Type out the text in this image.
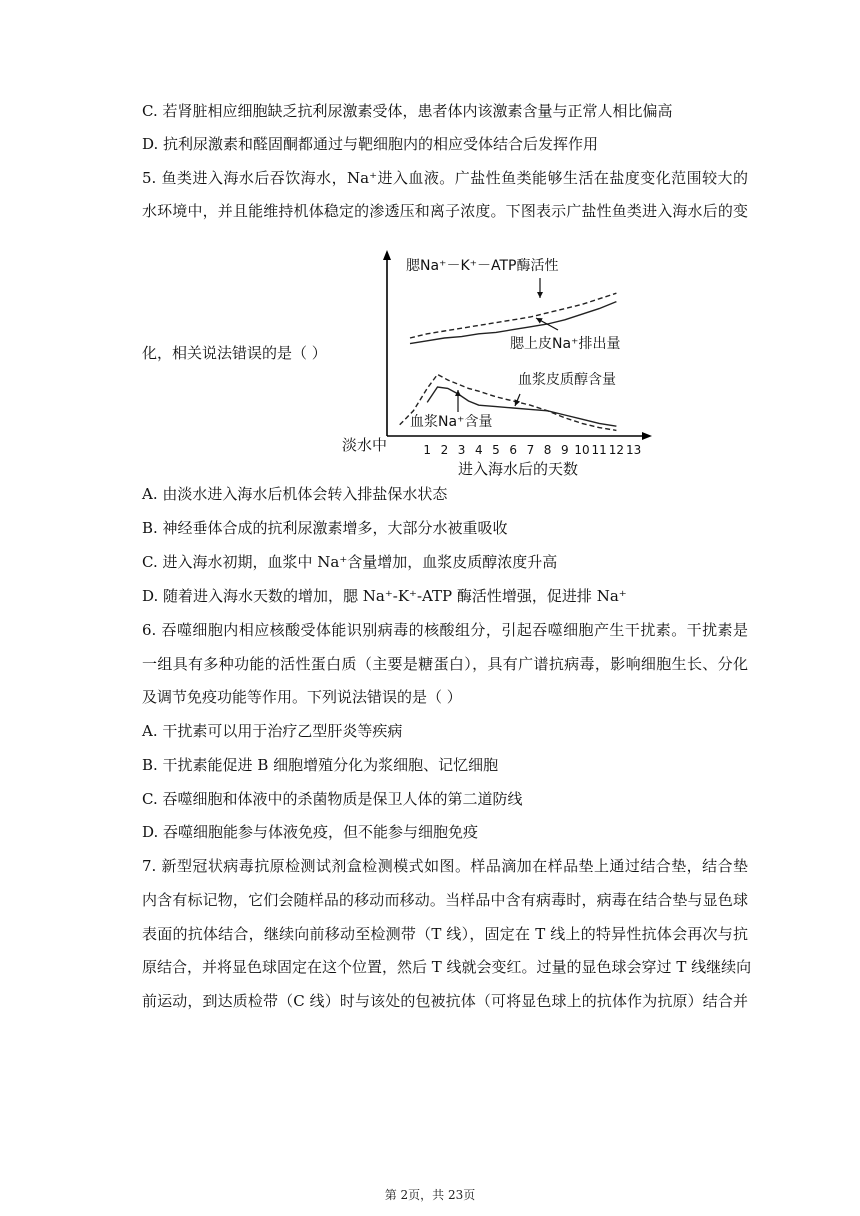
C. 若肾脏相应细胞缺乏抗利尿激素受体，患者体内该激素含量与正常人相比偏高
D. 抗利尿激素和醛固酮都通过与靶细胞内的相应受体结合后发挥作用
5. 鱼类进入海水后吞饮海水，Na⁺进入血液。广盐性鱼类能够生活在盐度变化范围较大的
水环境中，并且能维持机体稳定的渗透压和离子浓度。下图表示广盐性鱼类进入海水后的变
化，相关说法错误的是（ ）
A. 由淡水进入海水后机体会转入排盐保水状态
B. 神经垂体合成的抗利尿激素增多，大部分水被重吸收
C. 进入海水初期，血浆中 Na⁺含量增加，血浆皮质醇浓度升高
D. 随着进入海水天数的增加，腮 Na⁺-K⁺-ATP 酶活性增强，促进排 Na⁺
6. 吞噬细胞内相应核酸受体能识别病毒的核酸组分，引起吞噬细胞产生干扰素。干扰素是
一组具有多种功能的活性蛋白质（主要是糖蛋白），具有广谱抗病毒，影响细胞生长、分化
及调节免疫功能等作用。下列说法错误的是（ ）
A. 干扰素可以用于治疗乙型肝炎等疾病
B. 干扰素能促进 B 细胞增殖分化为浆细胞、记忆细胞
C. 吞噬细胞和体液中的杀菌物质是保卫人体的第二道防线
D. 吞噬细胞能参与体液免疫，但不能参与细胞免疫
7. 新型冠状病毒抗原检测试剂盒检测模式如图。样品滴加在样品垫上通过结合垫，结合垫
内含有标记物，它们会随样品的移动而移动。当样品中含有病毒时，病毒在结合垫与显色球
表面的抗体结合，继续向前移动至检测带（T 线），固定在 T 线上的特异性抗体会再次与抗
原结合，并将显色球固定在这个位置，然后 T 线就会变红。过量的显色球会穿过 T 线继续向
前运动，到达质检带（C 线）时与该处的包被抗体（可将显色球上的抗体作为抗原）结合并
1 2 3 4 5 6 7 8 9 10 11 12 13
淡水中
进入海水后的天数
腮Na⁺－K⁺－ATP酶活性
腮上皮Na⁺排出量
血浆皮质醇含量
血浆Na⁺含量
第 2页，共 23页
